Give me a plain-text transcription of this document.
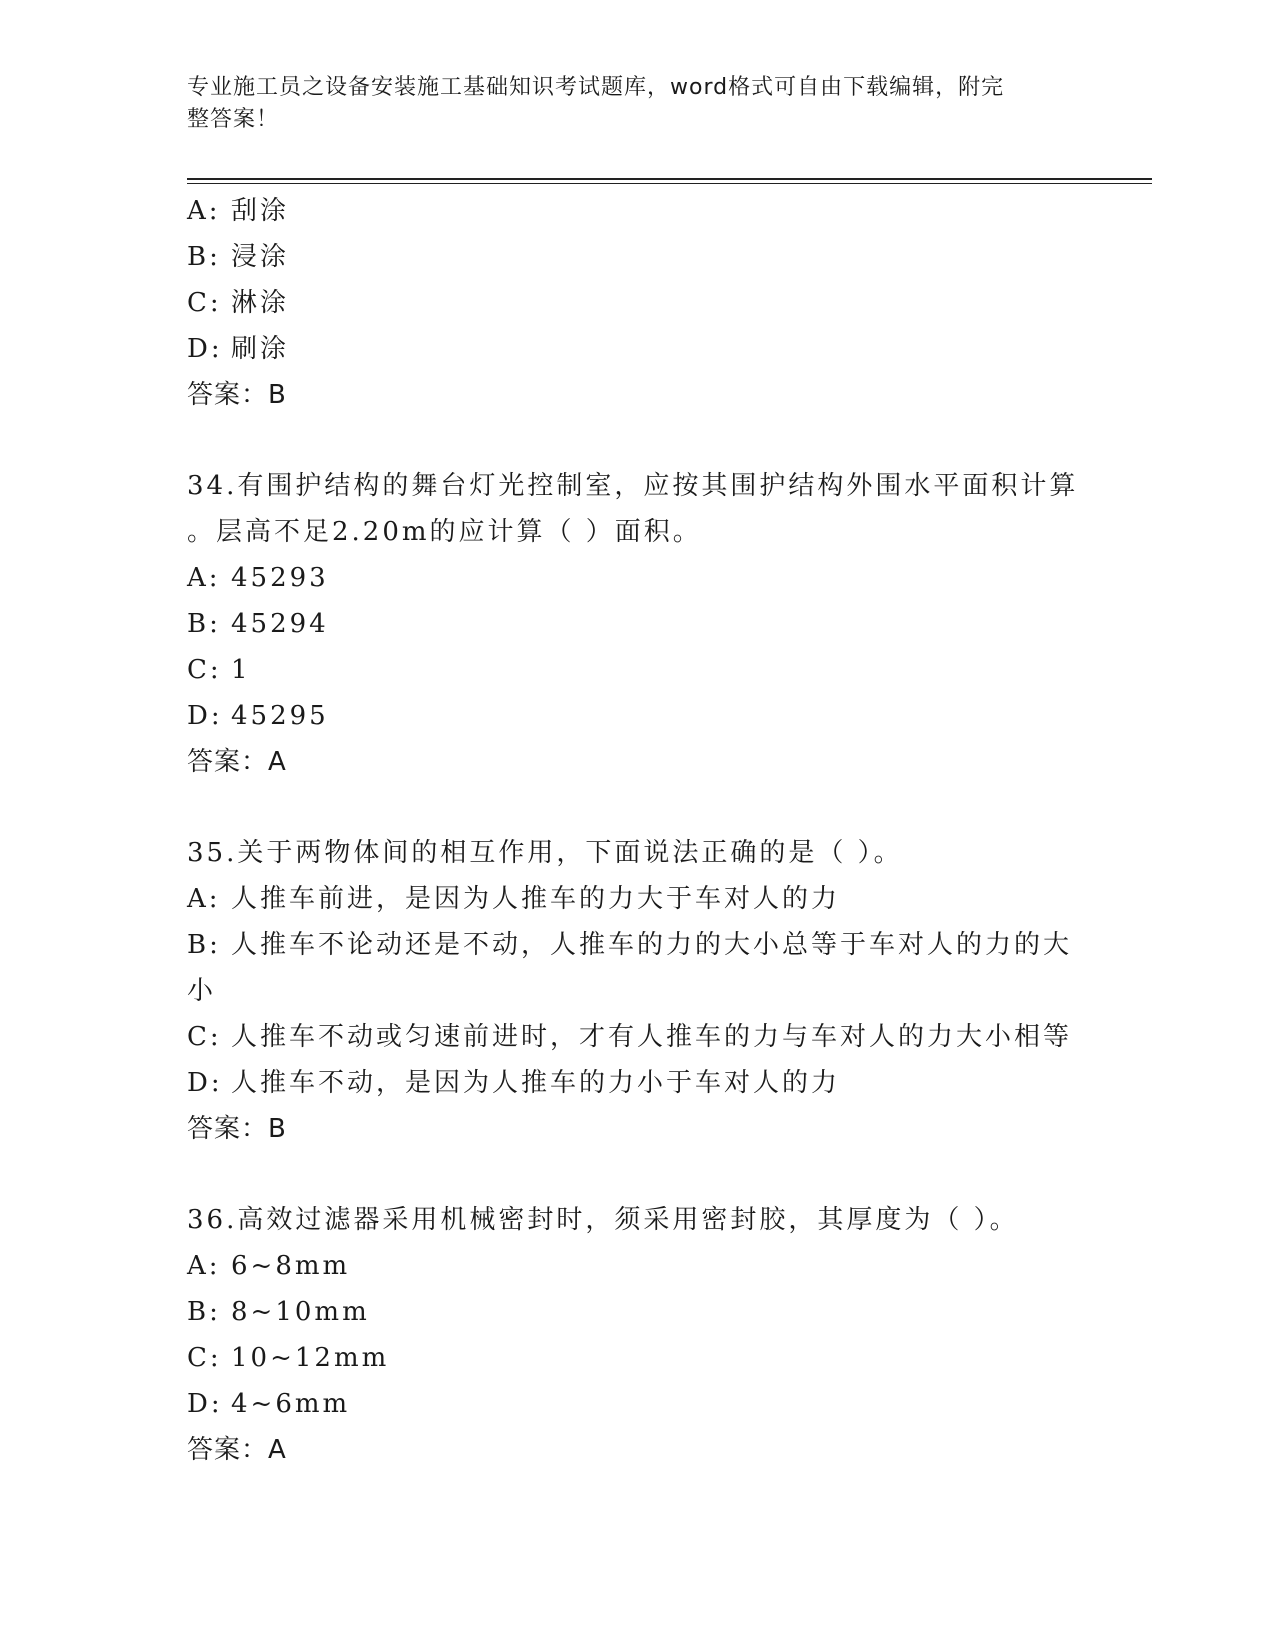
专业施工员之设备安装施工基础知识考试题库，word格式可自由下载编辑，附完
整答案！
A: 刮涂
B: 浸涂
C: 淋涂
D: 刷涂
答案：B
34.有围护结构的舞台灯光控制室，应按其围护结构外围水平面积计算
。层高不足2.20m的应计算（ ）面积。
A: 45293
B: 45294
C: 1
D: 45295
答案：A
35.关于两物体间的相互作用，下面说法正确的是（ ）。
A: 人推车前进，是因为人推车的力大于车对人的力
B: 人推车不论动还是不动，人推车的力的大小总等于车对人的力的大
小
C: 人推车不动或匀速前进时，才有人推车的力与车对人的力大小相等
D: 人推车不动，是因为人推车的力小于车对人的力
答案：B
36.高效过滤器采用机械密封时，须采用密封胶，其厚度为（ ）。
A: 6~8mm
B: 8~10mm
C: 10~12mm
D: 4~6mm
答案：A
